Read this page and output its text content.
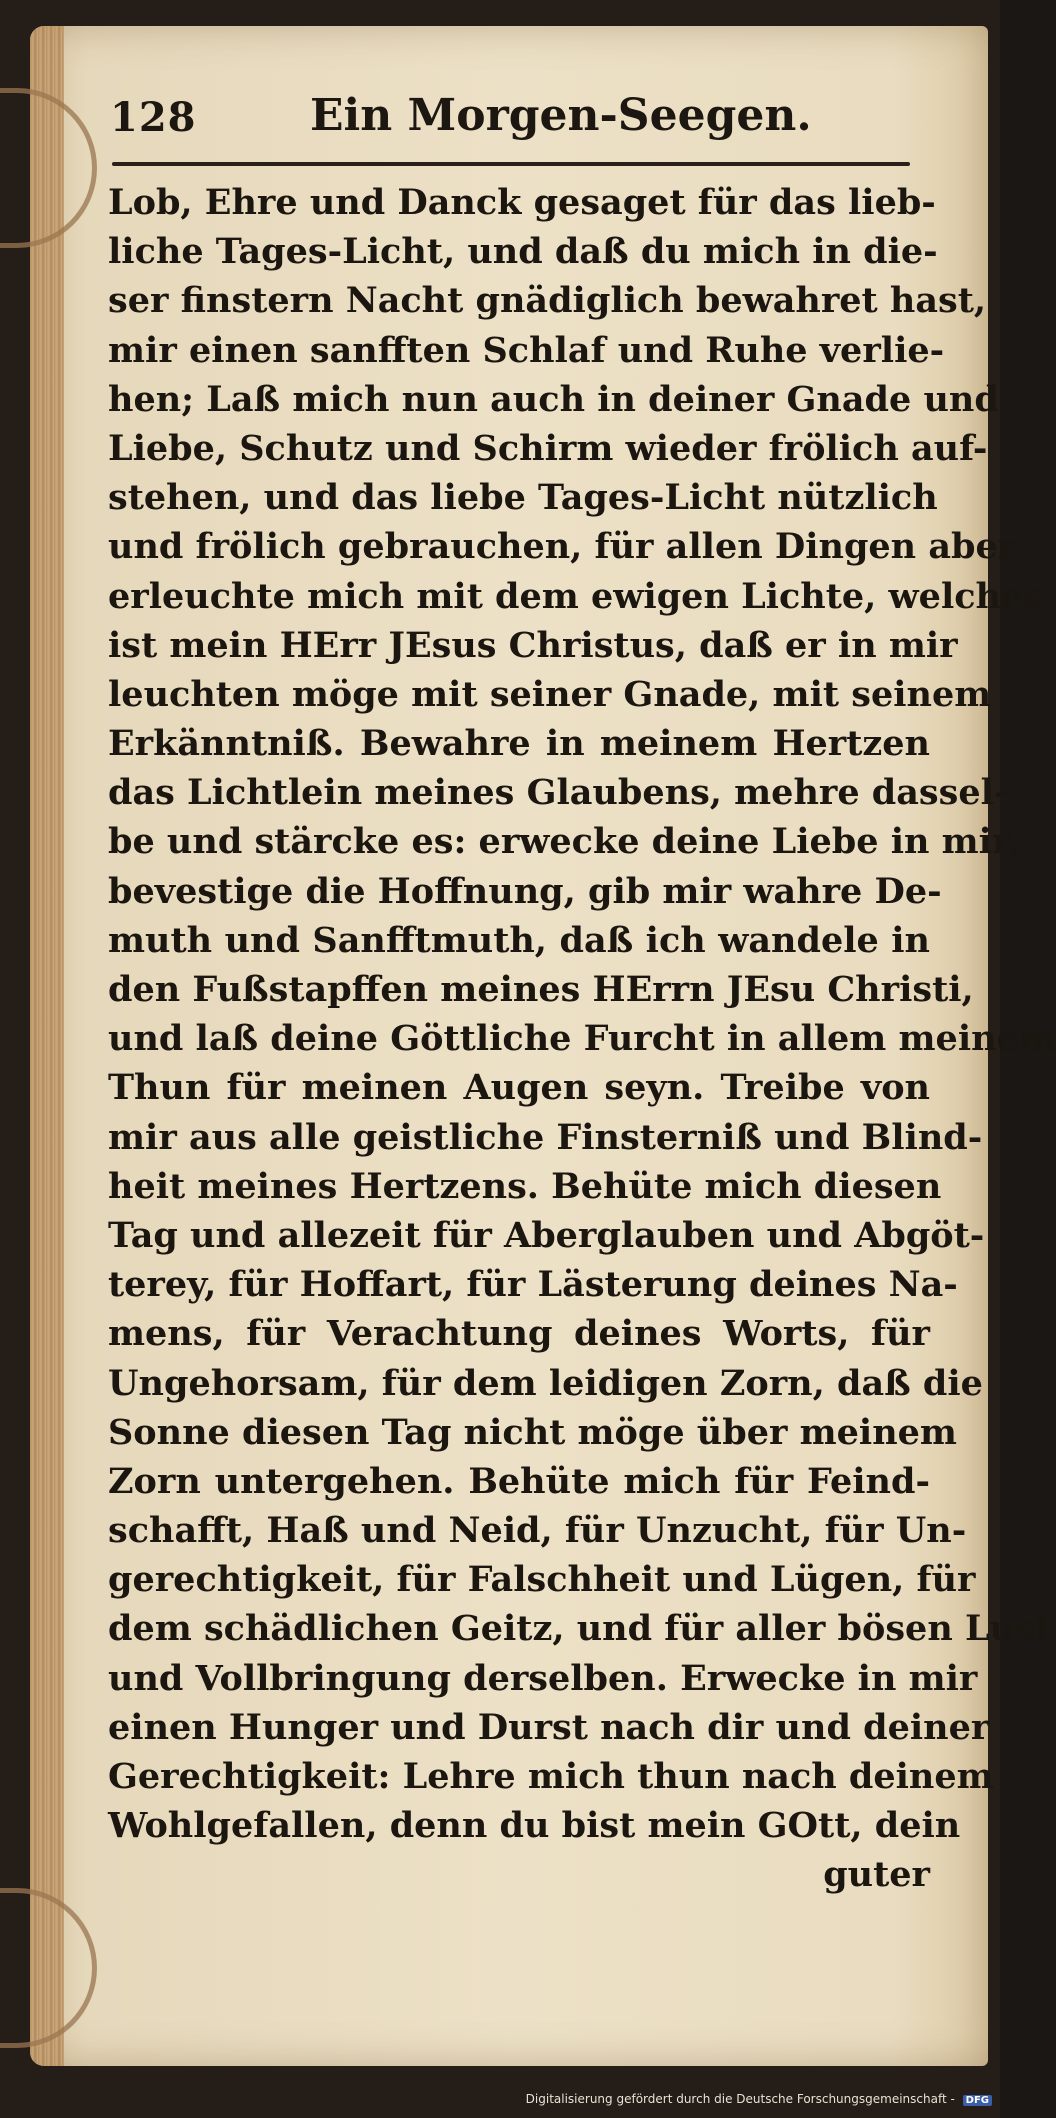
128	Ein Morgen-Seegen.
Lob, Ehre und Danck gesaget für das lieb-
liche Tages-Licht, und daß du mich in die-
ser finstern Nacht gnädiglich bewahret hast,
mir einen sanfften Schlaf und Ruhe verlie-
hen; Laß mich nun auch in deiner Gnade und
Liebe, Schutz und Schirm wieder frölich auf-
stehen, und das liebe Tages-Licht nützlich
und frölich gebrauchen, für allen Dingen aber
erleuchte mich mit dem ewigen Lichte, welches
ist mein HErr JEsus Christus, daß er in mir
leuchten möge mit seiner Gnade, mit seinem
Erkänntniß. Bewahre in meinem Hertzen
das Lichtlein meines Glaubens, mehre dassel-
be und stärcke es: erwecke deine Liebe in mir,
bevestige die Hoffnung, gib mir wahre De-
muth und Sanfftmuth, daß ich wandele in
den Fußstapffen meines HErrn JEsu Christi,
und laß deine Göttliche Furcht in allem meinem
Thun für meinen Augen seyn. Treibe von
mir aus alle geistliche Finsterniß und Blind-
heit meines Hertzens. Behüte mich diesen
Tag und allezeit für Aberglauben und Abgöt-
terey, für Hoffart, für Lästerung deines Na-
mens, für Verachtung deines Worts, für
Ungehorsam, für dem leidigen Zorn, daß die
Sonne diesen Tag nicht möge über meinem
Zorn untergehen. Behüte mich für Feind-
schafft, Haß und Neid, für Unzucht, für Un-
gerechtigkeit, für Falschheit und Lügen, für
dem schädlichen Geitz, und für aller bösen Lust
und Vollbringung derselben. Erwecke in mir
einen Hunger und Durst nach dir und deiner
Gerechtigkeit: Lehre mich thun nach deinem
Wohlgefallen, denn du bist mein GOtt, dein
guter
Digitalisierung gefördert durch die Deutsche Forschungsgemeinschaft - DFG
